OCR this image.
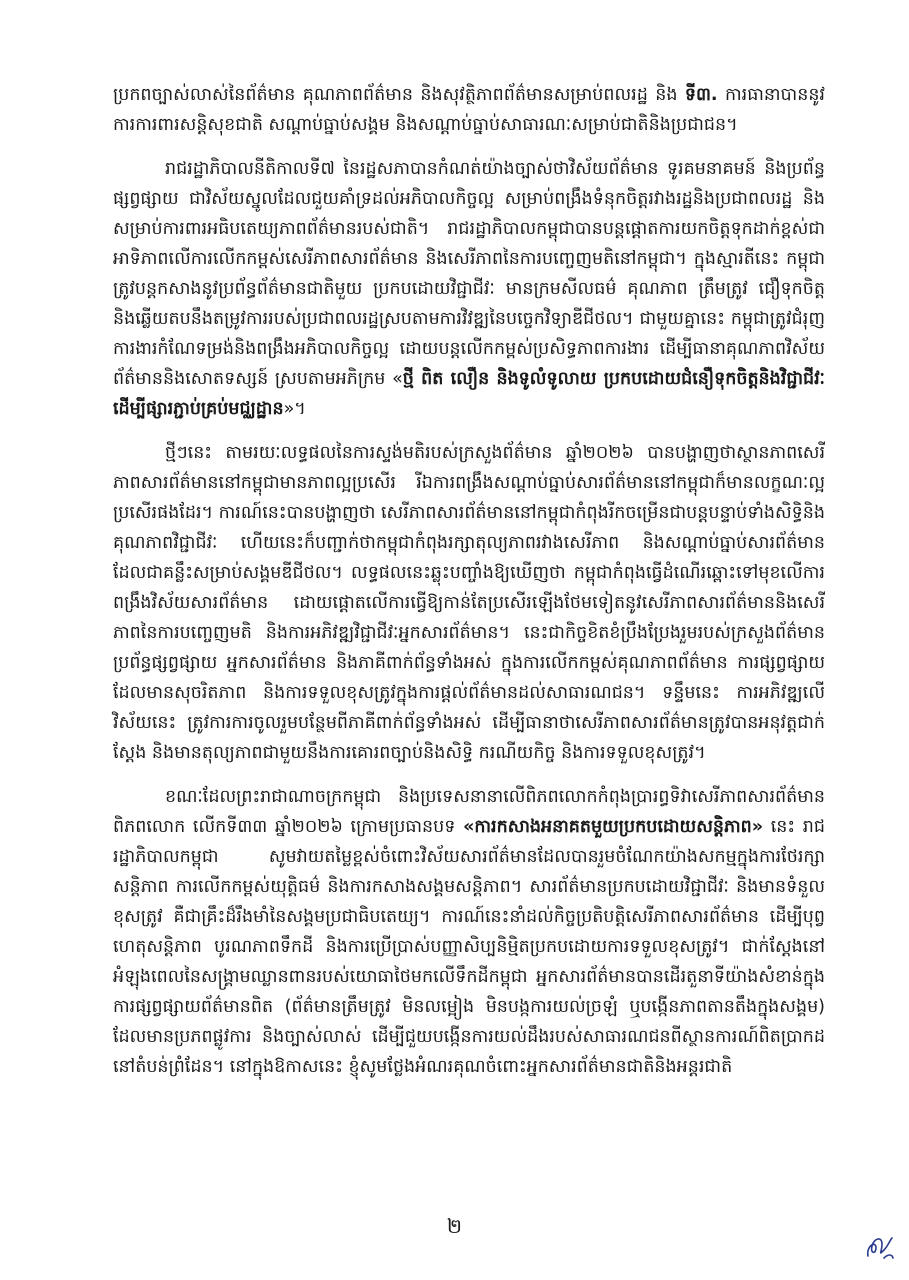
ប្រកពច្បាស់លាស់នៃព័ត៌មាន គុណភាពព័ត៌មាន និងសុវត្ថិភាពព័ត៌មានសម្រាប់ពលរដ្ឋ និង ទី៣. ការធានាបាននូវការការពារសន្តិសុខជាតិ សណ្ដាប់ធ្នាប់សង្គម និងសណ្ដាប់ធ្នាប់សាធារណៈសម្រាប់ជាតិនិងប្រជាជន។

រាជរដ្ឋាភិបាលនីតិកាលទី៧ នៃរដ្ឋសភាបានកំណត់យ៉ាងច្បាស់ថាវិស័យព័ត៌មាន ទូរគមនាគមន៍ និងប្រព័ន្ធផ្សព្វផ្សាយ ជាវិស័យស្នូលដែលជួយគាំទ្រដល់អភិបាលកិច្ចល្អ សម្រាប់ពង្រឹងទំនុកចិត្តរវាងរដ្ឋនិងប្រជាពលរដ្ឋ និងសម្រាប់ការពារអធិបតេយ្យភាពព័ត៌មានរបស់ជាតិ។ រាជរដ្ឋាភិបាលកម្ពុជាបានបន្តផ្ដោតការយកចិត្តទុកដាក់ខ្ពស់ជាអាទិភាពលើការលើកកម្ពស់សេរីភាពសារព័ត៌មាន និងសេរីភាពនៃការបញ្ចេញមតិនៅកម្ពុជា។ ក្នុងស្មារតីនេះ កម្ពុជាត្រូវបន្តកសាងនូវប្រព័ន្ធព័ត៌មានជាតិមួយ ប្រកបដោយវិជ្ជាជីវៈ មានក្រមសីលធម៌ គុណភាព ត្រឹមត្រូវ ជឿទុកចិត្ត និងឆ្លើយតបនឹងតម្រូវការរបស់ប្រជាពលរដ្ឋស្របតាមការវិវឌ្ឍនៃបច្ចេកវិទ្យាឌីជីថល។ ជាមួយគ្នានេះ កម្ពុជាត្រូវជំរុញការងារកំណែទម្រង់និងពង្រឹងអភិបាលកិច្ចល្អ ដោយបន្តលើកកម្ពស់ប្រសិទ្ធភាពការងារ ដើម្បីធានាគុណភាពវិស័យព័ត៌មាននិងសោតទស្សន៍ ស្របតាមអភិក្រម «ថ្មី ពិត លឿន និងទូលំទូលាយ ប្រកបដោយជំនឿទុកចិត្តនិងវិជ្ជាជីវៈ ដើម្បីផ្សារភ្ជាប់គ្រប់មជ្ឈដ្ឋាន»។

ថ្មីៗនេះ តាមរយៈលទ្ធផលនៃការស្ទង់មតិរបស់ក្រសួងព័ត៌មាន ឆ្នាំ២០២៦ បានបង្ហាញថាស្ថានភាពសេរីភាពសារព័ត៌មាននៅកម្ពុជាមានភាពល្អប្រសើរ រីឯការពង្រឹងសណ្ដាប់ធ្នាប់សារព័ត៌មាននៅកម្ពុជាក៏មានលក្ខណៈល្អប្រសើរផងដែរ។ ការណ៍នេះបានបង្ហាញថា សេរីភាពសារព័ត៌មាននៅកម្ពុជាកំពុងរីកចម្រើនជាបន្តបន្ទាប់ទាំងសិទ្ធិនិងគុណភាពវិជ្ជាជីវៈ ហើយនេះក៏បញ្ជាក់ថាកម្ពុជាកំពុងរក្សាតុល្យភាពរវាងសេរីភាព និងសណ្ដាប់ធ្នាប់សារព័ត៌មាន ដែលជាគន្លឹះសម្រាប់សង្គមឌីជីថល។ លទ្ធផលនេះឆ្លុះបញ្ចាំងឱ្យឃើញថា កម្ពុជាកំពុងធ្វើដំណើរឆ្ពោះទៅមុខលើការពង្រឹងវិស័យសារព័ត៌មាន ដោយផ្ដោតលើការធ្វើឱ្យកាន់តែប្រសើរឡើងថែមទៀតនូវសេរីភាពសារព័ត៌មាននិងសេរីភាពនៃការបញ្ចេញមតិ និងការអភិវឌ្ឍវិជ្ជាជីវៈអ្នកសារព័ត៌មាន។ នេះជាកិច្ចខិតខំប្រឹងប្រែងរួមរបស់ក្រសួងព័ត៌មាន ប្រព័ន្ធផ្សព្វផ្សាយ អ្នកសារព័ត៌មាន និងភាគីពាក់ព័ន្ធទាំងអស់ ក្នុងការលើកកម្ពស់គុណភាពព័ត៌មាន ការផ្សព្វផ្សាយដែលមានសុចរិតភាព និងការទទួលខុសត្រូវក្នុងការផ្ដល់ព័ត៌មានដល់សាធារណជន។ ទន្ទឹមនេះ ការអភិវឌ្ឍលើវិស័យនេះ ត្រូវការការចូលរួមបន្ថែមពីភាគីពាក់ព័ន្ធទាំងអស់ ដើម្បីធានាថាសេរីភាពសារព័ត៌មានត្រូវបានអនុវត្តជាក់ស្ដែង និងមានតុល្យភាពជាមួយនឹងការគោរពច្បាប់និងសិទ្ធិ ករណីយកិច្ច និងការទទួលខុសត្រូវ។

ខណៈដែលព្រះរាជាណាចក្រកម្ពុជា និងប្រទេសនានាលើពិភពលោកកំពុងប្រារព្ធទិវាសេរីភាពសារព័ត៌មានពិភពលោក លើកទី៣៣ ឆ្នាំ២០២៦ ក្រោមប្រធានបទ «ការកសាងអនាគតមួយប្រកបដោយសន្តិភាព» នេះ រាជរដ្ឋាភិបាលកម្ពុជា សូមវាយតម្លៃខ្ពស់ចំពោះវិស័យសារព័ត៌មានដែលបានរួមចំណែកយ៉ាងសកម្មក្នុងការថែរក្សាសន្តិភាព ការលើកកម្ពស់យុត្តិធម៌ និងការកសាងសង្គមសន្តិភាព។ សារព័ត៌មានប្រកបដោយវិជ្ជាជីវៈ និងមានទំនួលខុសត្រូវ គឺជាគ្រឹះដ៏រឹងមាំនៃសង្គមប្រជាធិបតេយ្យ។ ការណ៍នេះនាំដល់កិច្ចប្រតិបត្តិសេរីភាពសារព័ត៌មាន ដើម្បីបុព្វហេតុសន្តិភាព បូរណភាពទឹកដី និងការប្រើប្រាស់បញ្ញាសិប្បនិម្មិតប្រកបដោយការទទួលខុសត្រូវ។ ជាក់ស្ដែងនៅអំឡុងពេលនៃសង្គ្រាមឈ្លានពានរបស់យោធាថៃមកលើទឹកដីកម្ពុជា អ្នកសារព័ត៌មានបានដើរតួនាទីយ៉ាងសំខាន់ក្នុងការផ្សព្វផ្សាយព័ត៌មានពិត (ព័ត៌មានត្រឹមត្រូវ មិនលម្អៀង មិនបង្កការយល់ច្រឡំ ឬបង្កើនភាពតានតឹងក្នុងសង្គម) ដែលមានប្រភពផ្លូវការ និងច្បាស់លាស់ ដើម្បីជួយបង្កើនការយល់ដឹងរបស់សាធារណជនពីស្ថានការណ៍ពិតប្រាកដនៅតំបន់ព្រំដែន។ នៅក្នុងឱកាសនេះ ខ្ញុំសូមថ្លែងអំណរគុណចំពោះអ្នកសារព័ត៌មានជាតិនិងអន្តរជាតិ

២
